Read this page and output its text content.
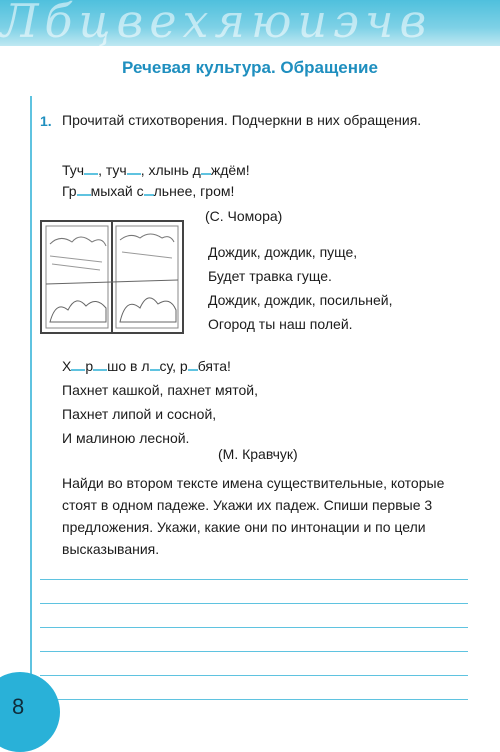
Лбцвехяюиэчв
Речевая культура. Обращение
1. Прочитай стихотворения. Подчеркни в них обращения.
Туч , туч , хлынь д ждём!
Гр мыхай с льнее, гром!
(С. Чомора)
Дождик, дождик, пуще,
Будет травка гуще.
Дождик, дождик, посильней,
Огород ты наш полей.
Х р шо в л су, р бята!
Пахнет кашкой, пахнет мятой,
Пахнет липой и сосной,
И малиною лесной.
(М. Кравчук)
Найди во втором тексте имена существительные, которые стоят в одном падеже. Укажи их падеж. Спиши первые 3 предложения. Укажи, какие они по интонации и по цели высказывания.
8
